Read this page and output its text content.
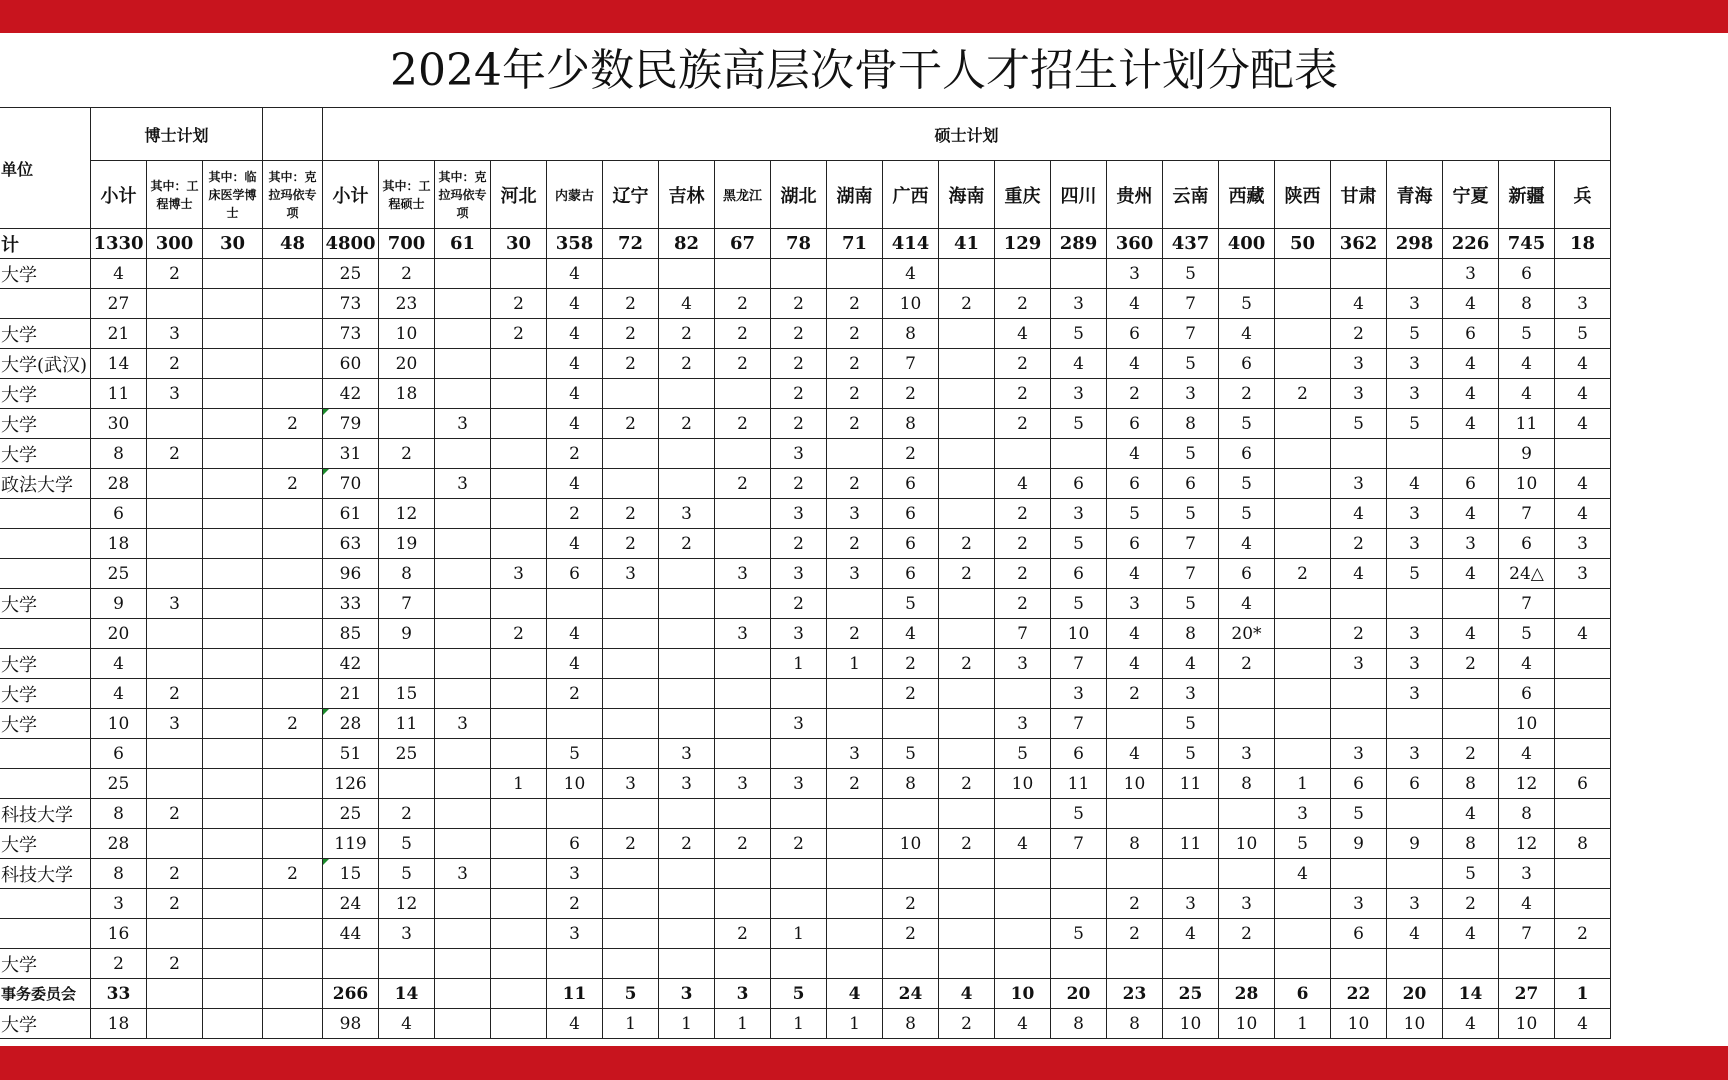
2024年少数民族高层次骨干人才招生计划分配表
单位	博士计划				硕士计划																						
	小计	其中：工程博士	其中：临床医学博士	其中：克拉玛依专项	小计	其中：工程硕士	其中：克拉玛依专项	河北	内蒙古	辽宁	吉林	黑龙江	湖北	湖南	广西	海南	重庆	四川	贵州	云南	西藏	陕西	甘肃	青海	宁夏	新疆	兵
计	1330	300	30	48	4800	700	61	30	358	72	82	67	78	71	414	41	129	289	360	437	400	50	362	298	226	745	18
大学	4	2			25	2			4						4				3	5					3	6	
	27				73	23		2	4	2	4	2	2	2	10	2	2	3	4	7	5		4	3	4	8	3
大学	21	3			73	10		2	4	2	2	2	2	2	8		4	5	6	7	4		2	5	6	5	5
大学(武汉)	14	2			60	20			4	2	2	2	2	2	7		2	4	4	5	6		3	3	4	4	4
大学	11	3			42	18			4				2	2	2		2	3	2	3	2	2	3	3	4	4	4
大学	30			2	79		3		4	2	2	2	2	2	8		2	5	6	8	5		5	5	4	11	4
大学	8	2			31	2			2				3		2				4	5	6					9	
政法大学	28			2	70		3		4			2	2	2	6		4	6	6	6	5		3	4	6	10	4
	6				61	12			2	2	3		3	3	6		2	3	5	5	5		4	3	4	7	4
	18				63	19			4	2	2		2	2	6	2	2	5	6	7	4		2	3	3	6	3
	25				96	8		3	6	3		3	3	3	6	2	2	6	4	7	6	2	4	5	4	24△	3
大学	9	3			33	7							2		5		2	5	3	5	4					7	
	20				85	9		2	4			3	3	2	4		7	10	4	8	20*		2	3	4	5	4
大学	4				42				4				1	1	2	2	3	7	4	4	2		3	3	2	4	
大学	4	2			21	15			2						2			3	2	3				3		6	
大学	10	3		2	28	11	3						3				3	7		5						10	
	6				51	25			5		3			3	5		5	6	4	5	3		3	3	2	4	
	25				126			1	10	3	3	3	3	2	8	2	10	11	10	11	8	1	6	6	8	12	6
科技大学	8	2			25	2												5				3	5		4	8	
大学	28				119	5			6	2	2	2	2		10	2	4	7	8	11	10	5	9	9	8	12	8
科技大学	8	2		2	15	5	3		3													4			5	3	
	3	2			24	12			2						2				2	3	3		3	3	2	4	
	16				44	3			3			2	1		2			5	2	4	2		6	4	4	7	2
大学	2	2																									
事务委员会	33				266	14			11	5	3	3	5	4	24	4	10	20	23	25	28	6	22	20	14	27	1
大学	18				98	4			4	1	1	1	1	1	8	2	4	8	8	10	10	1	10	10	4	10	4
